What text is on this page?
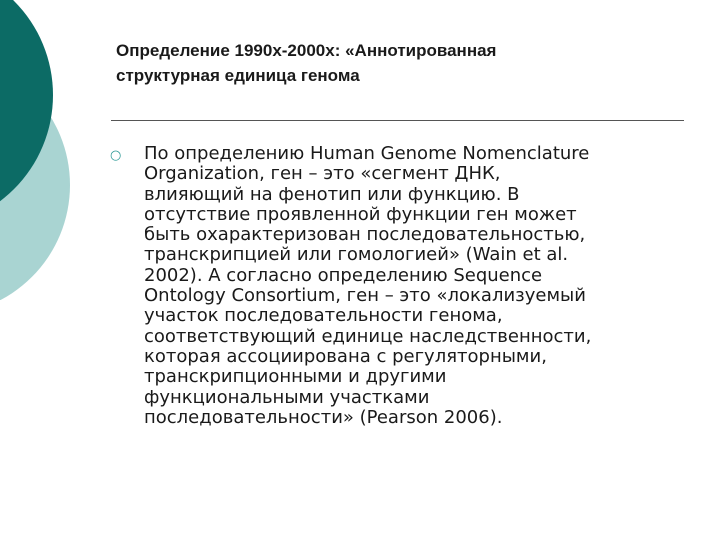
Определение 1990х-2000х: «Аннотированная
структурная единица генома
○ По определению Human Genome Nomenclature
Organization, ген – это «сегмент ДНК,
влияющий на фенотип или функцию. В
отсутствие проявленной функции ген может
быть охарактеризован последовательностью,
транскрипцией или гомологией» (Wain et al.
2002). А согласно определению Sequence
Ontology Consortium, ген – это «локализуемый
участок последовательности генома,
соответствующий единице наследственности,
которая ассоциирована с регуляторными,
транскрипционными и другими
функциональными участками
последовательности» (Pearson 2006).
